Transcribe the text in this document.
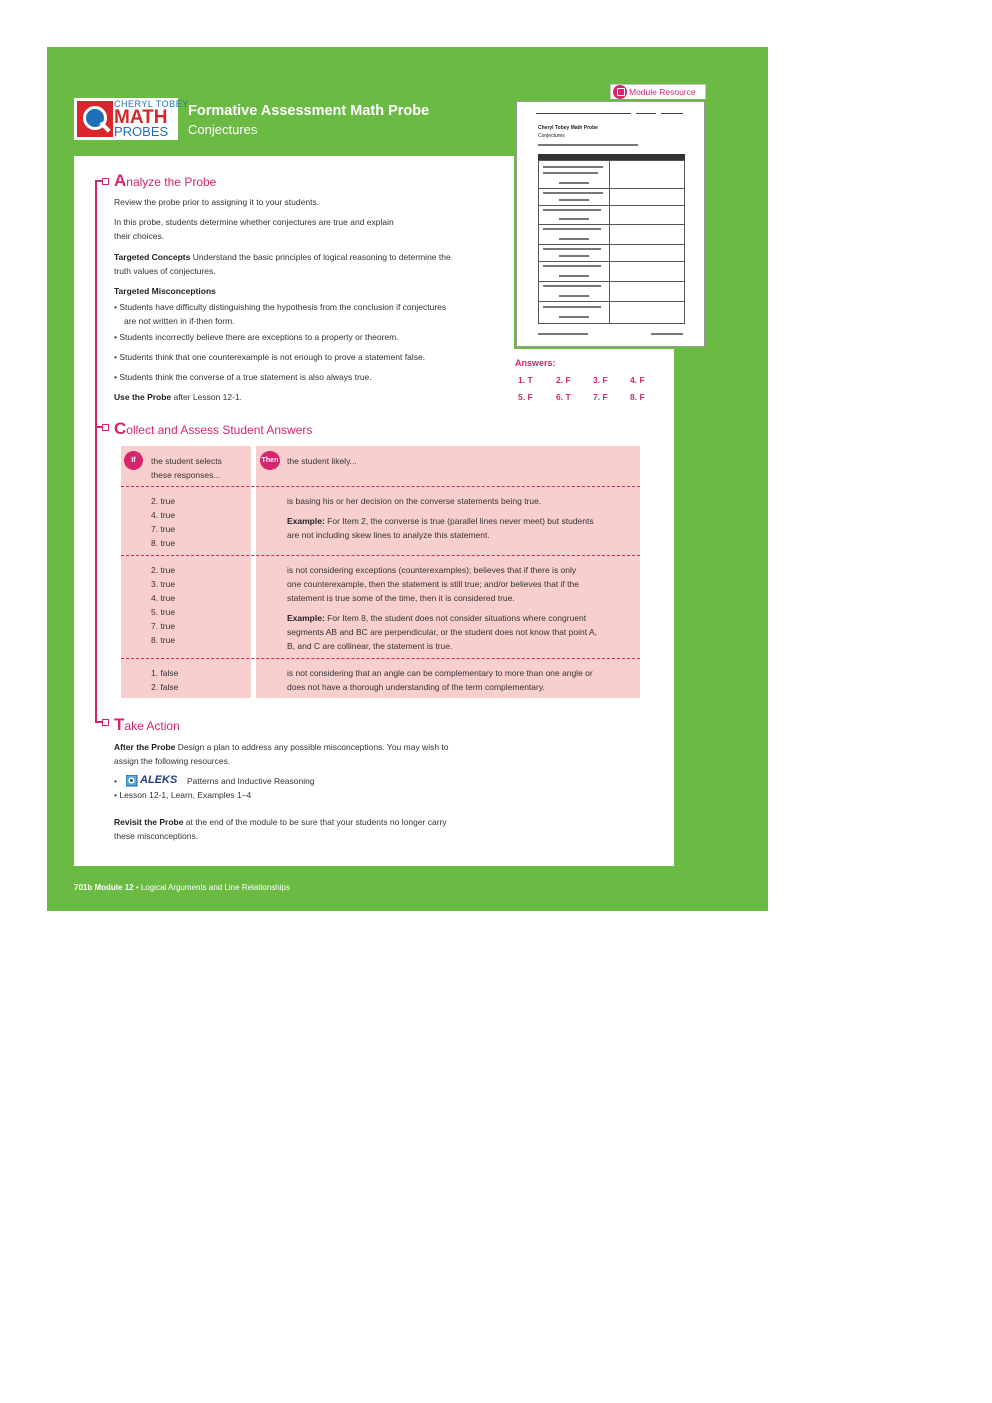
CHERYL TOBEY
MATH
PROBES
Formative Assessment Math Probe
Conjectures
Module Resource
Cheryl Tobey Math Probe
Conjectures
Analyze the Probe
Review the probe prior to assigning it to your students.
In this probe, students determine whether conjectures are true and explain
their choices.
Targeted Concepts Understand the basic principles of logical reasoning to determine the
truth values of conjectures.
Targeted Misconceptions
• Students have difficulty distinguishing the hypothesis from the conclusion if conjectures
are not written in if-then form.
• Students incorrectly believe there are exceptions to a property or theorem.
• Students think that one counterexample is not enough to prove a statement false.
• Students think the converse of a true statement is also always true.
Use the Probe after Lesson 12-1.
Answers:
1. T	2. F	3. F	4. F
5. F	6. T	7. F	8. F
Collect and Assess Student Answers
If	the student selects
these responses...
Then the student likely...
2. true
4. true
7. true
8. true
is basing his or her decision on the converse statements being true.
Example: For Item 2, the converse is true (parallel lines never meet) but students
are not including skew lines to analyze this statement.
2. true
3. true
4. true
5. true
7. true
8. true
is not considering exceptions (counterexamples); believes that if there is only
one counterexample, then the statement is still true; and/or believes that if the
statement is true some of the time, then it is considered true.
Example: For Item 8, the student does not consider situations where congruent
segments AB and BC are perpendicular, or the student does not know that point A,
B, and C are collinear, the statement is true.
1. false
2. false
is not considering that an angle can be complementary to more than one angle or
does not have a thorough understanding of the term complementary.
Take Action
After the Probe Design a plan to address any possible misconceptions. You may wish to
assign the following resources.
•	Patterns and Inductive Reasoning
ALEKS
• Lesson 12-1, Learn, Examples 1–4
Revisit the Probe at the end of the module to be sure that your students no longer carry
these misconceptions.
701b Module 12 • Logical Arguments and Line Relationships
